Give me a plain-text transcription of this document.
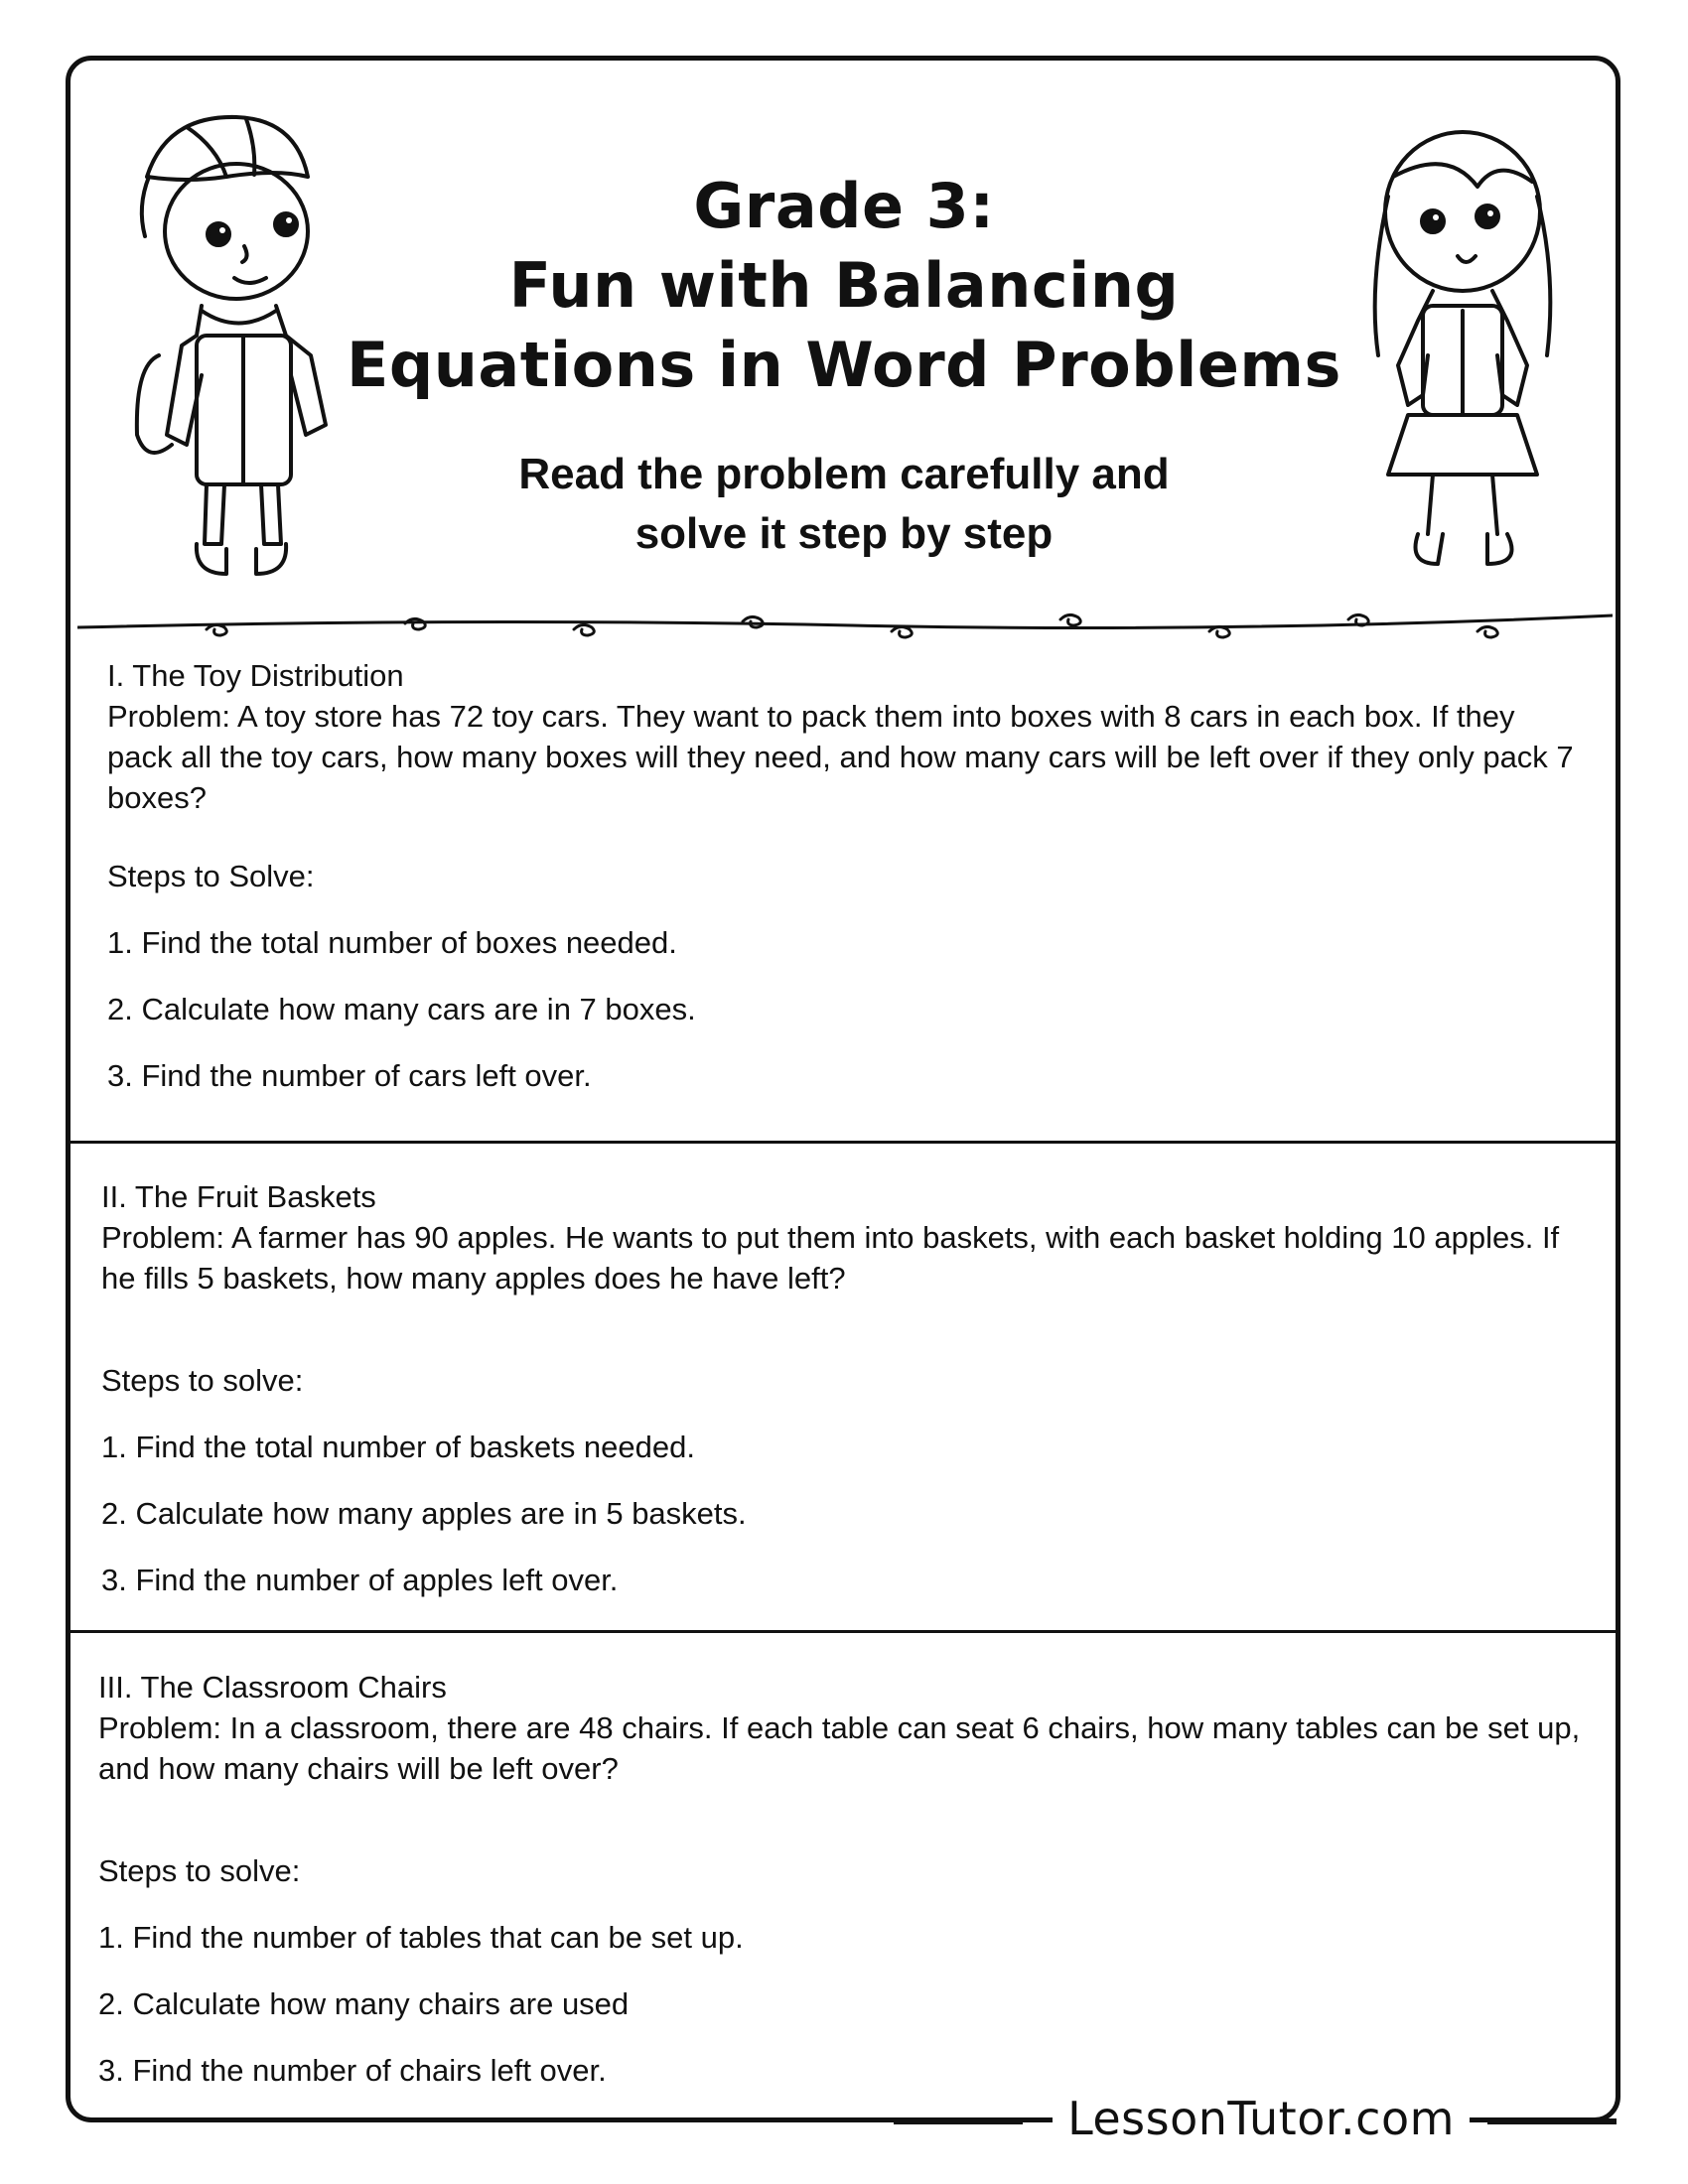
Grade 3:
Fun with Balancing
Equations in Word Problems

Read the problem carefully and
solve it step by step

I. The Toy Distribution

Problem: A toy store has 72 toy cars. They want to pack them into boxes with 8 cars in each box. If they pack all the toy cars, how many boxes will they need, and how many cars will be left over if they only pack 7 boxes?

Steps to Solve:

1. Find the total number of boxes needed.

2. Calculate how many cars are in 7 boxes.

3. Find the number of cars left over.

II. The Fruit Baskets

Problem: A farmer has 90 apples. He wants to put them into baskets, with each basket holding 10 apples. If he fills 5 baskets, how many apples does he have left?

Steps to solve:

1. Find the total number of baskets needed.

2. Calculate how many apples are in 5 baskets.

3. Find the number of apples left over.

III. The Classroom Chairs

Problem: In a classroom, there are 48 chairs. If each table can seat 6 chairs, how many tables can be set up, and how many chairs will be left over?

Steps to solve:

1. Find the number of tables that can be set up.

2. Calculate how many chairs are used

3. Find the number of chairs left over.

LessonTutor.com
